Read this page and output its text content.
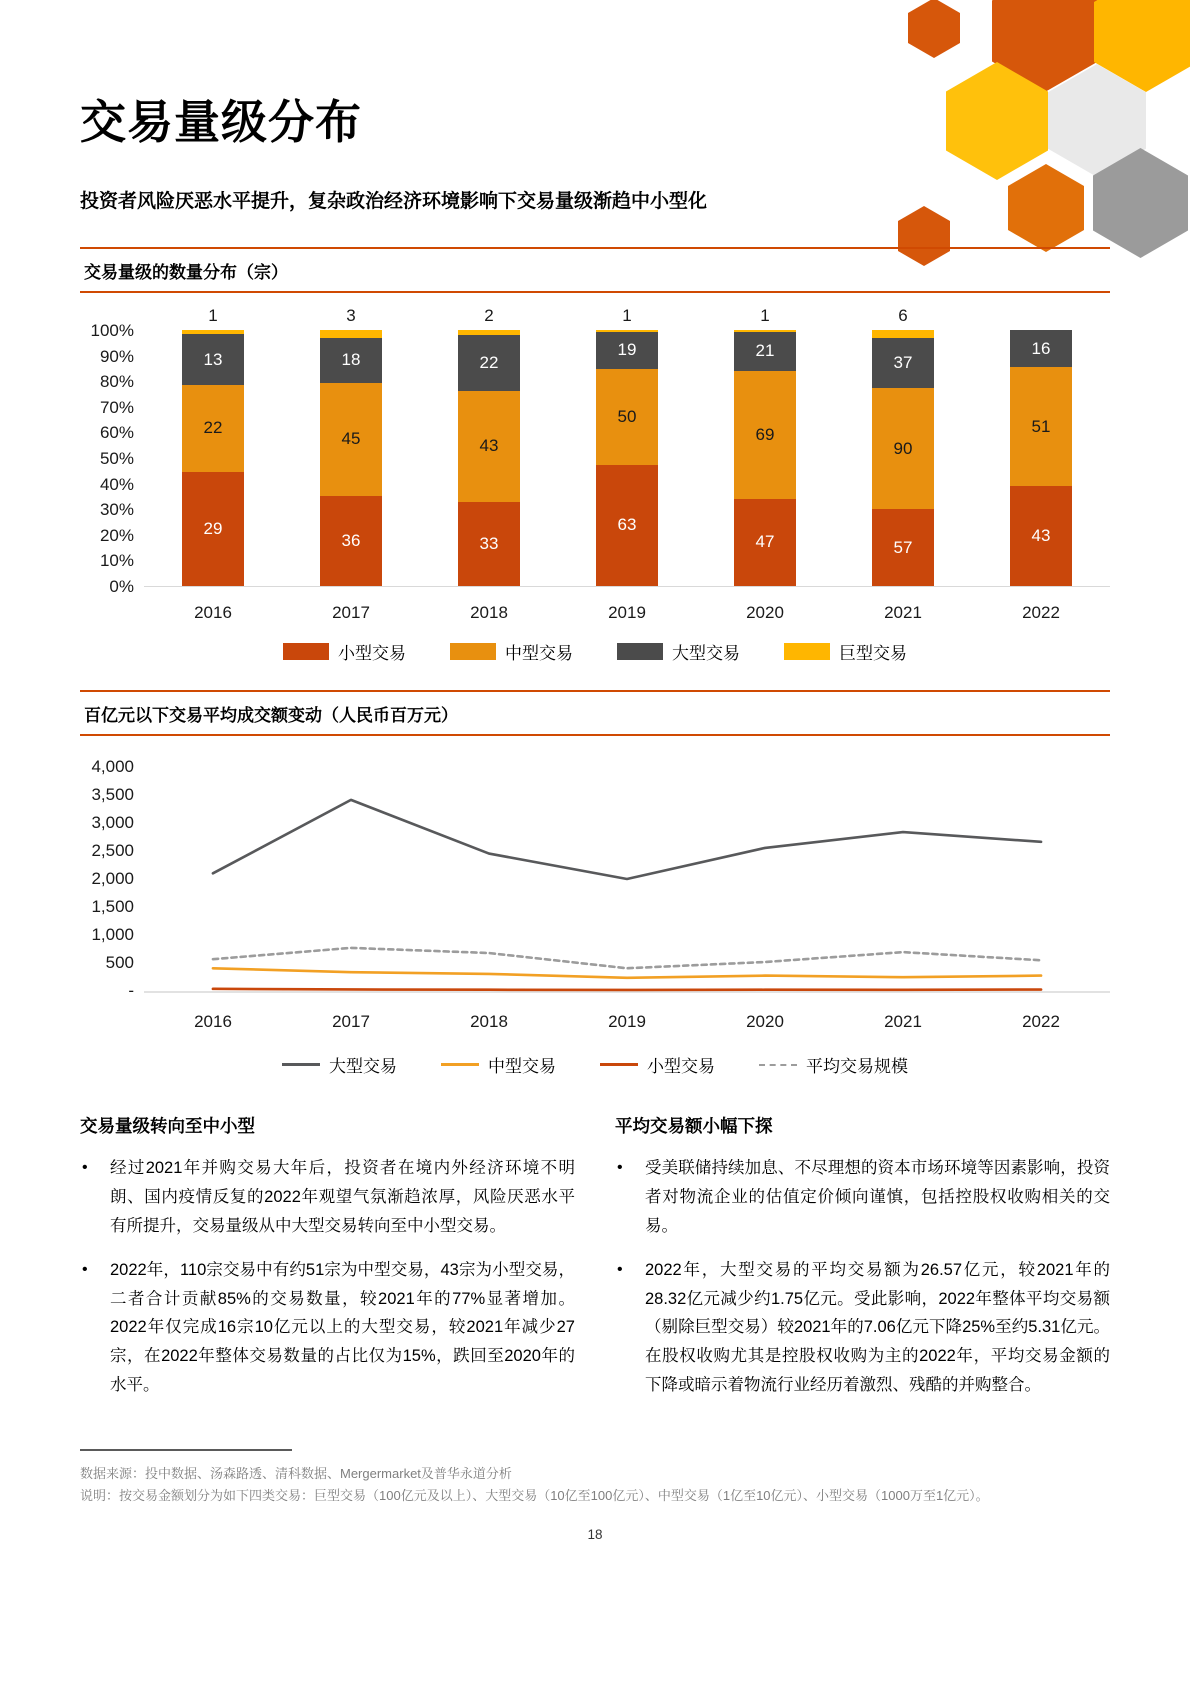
交易量级分布

投资者风险厌恶水平提升，复杂政治经济环境影响下交易量级渐趋中小型化

交易量级的数量分布（宗）
100%
90%
80%
70%
60%
50%
40%
30%
20%
10%
0%
1
29
22
13
3
36
45
18
2
33
43
22
1
63
50
19
1
47
69
21
6
57
90
37
43
51
16
2016	2017	2018	2019	2020	2021	2022
小型交易	中型交易	大型交易	巨型交易
百亿元以下交易平均成交额变动（人民币百万元）
4,000
3,500
3,000
2,500
2,000
1,500
1,000
500
-
2016	2017	2018	2019	2020	2021	2022
大型交易	中型交易	小型交易	平均交易规模
交易量级转向至中小型
• 经过2021年并购交易大年后，投资者在境内外经济环境不明朗、国内疫情反复的2022年观望气氛渐趋浓厚，风险厌恶水平有所提升，交易量级从中大型交易转向至中小型交易。
• 2022年，110宗交易中有约51宗为中型交易，43宗为小型交易，二者合计贡献85%的交易数量，较2021年的77%显著增加。2022年仅完成16宗10亿元以上的大型交易，较2021年减少27宗，在2022年整体交易数量的占比仅为15%，跌回至2020年的水平。
平均交易额小幅下探
• 受美联储持续加息、不尽理想的资本市场环境等因素影响，投资者对物流企业的估值定价倾向谨慎，包括控股权收购相关的交易。
• 2022年，大型交易的平均交易额为26.57亿元，较2021年的28.32亿元减少约1.75亿元。受此影响，2022年整体平均交易额（剔除巨型交易）较2021年的7.06亿元下降25%至约5.31亿元。在股权收购尤其是控股权收购为主的2022年，平均交易金额的下降或暗示着物流行业经历着激烈、残酷的并购整合。
数据来源：投中数据、汤森路透、清科数据、Mergermarket及普华永道分析
说明：按交易金额划分为如下四类交易：巨型交易（100亿元及以上）、大型交易（10亿至100亿元）、中型交易（1亿至10亿元）、小型交易（1000万至1亿元）。
18
